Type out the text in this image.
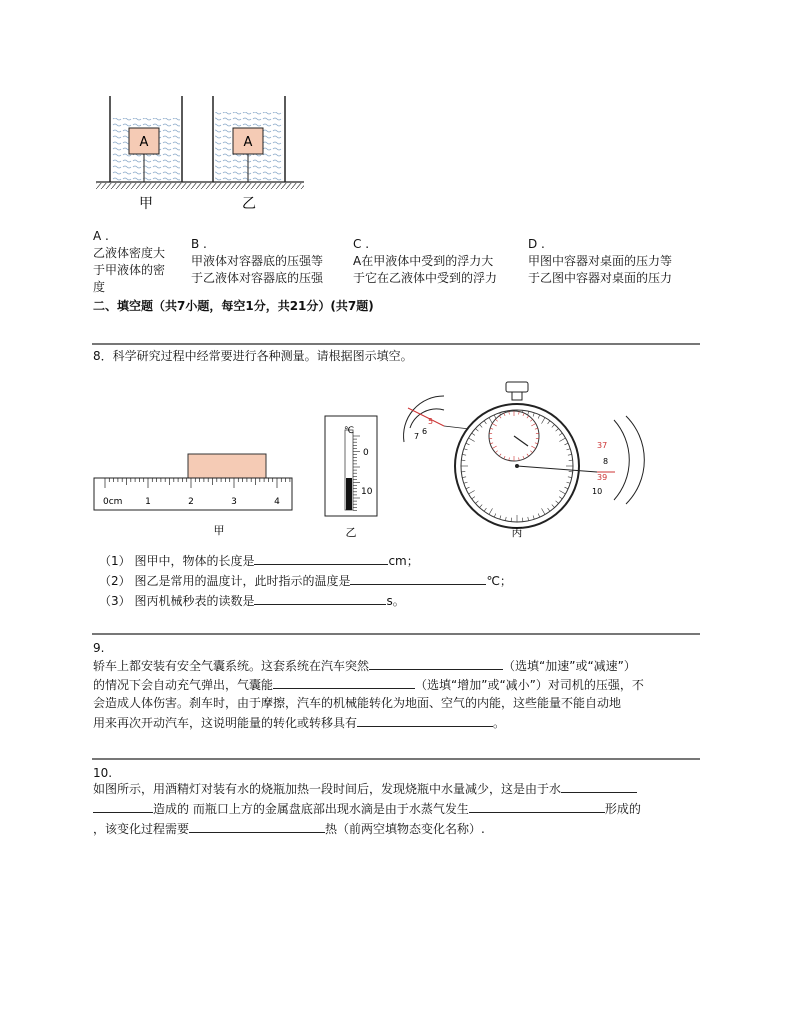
A	A
甲	乙
A .
乙液体密度大
于甲液体的密
度
B .
甲液体对容器底的压强等
于乙液体对容器底的压强
C .
A在甲液体中受到的浮力大
于它在乙液体中受到的浮力
D .
甲图中容器对桌面的压力等
于乙图中容器对桌面的压力
二、填空题（共7小题，每空1分，共21分）(共7题)
8．科学研究过程中经常要进行各种测量。请根据图示填空。
0cm	1	2	3	4
甲
℃
0
10
乙
5
6
7
37
8
39
10
丙
（1） 图甲中，物体的长度是	cm；
（2） 图乙是常用的温度计，此时指示的温度是	℃；
（3） 图丙机械秒表的读数是	s。
9.
轿车上都安装有安全气囊系统。这套系统在汽车突然	（选填“加速”或“减速”）
的情况下会自动充气弹出，气囊能	（选填“增加”或“减小”）对司机的压强，不
会造成人体伤害。刹车时，由于摩擦，汽车的机械能转化为地面、空气的内能，这些能量不能自动地
用来再次开动汽车，这说明能量的转化或转移具有	。
10.
如图所示，用酒精灯对装有水的烧瓶加热一段时间后，发现烧瓶中水量减少，这是由于水
造成的 而瓶口上方的金属盘底部出现水滴是由于水蒸气发生	形成的
，该变化过程需要	热（前两空填物态变化名称）.
